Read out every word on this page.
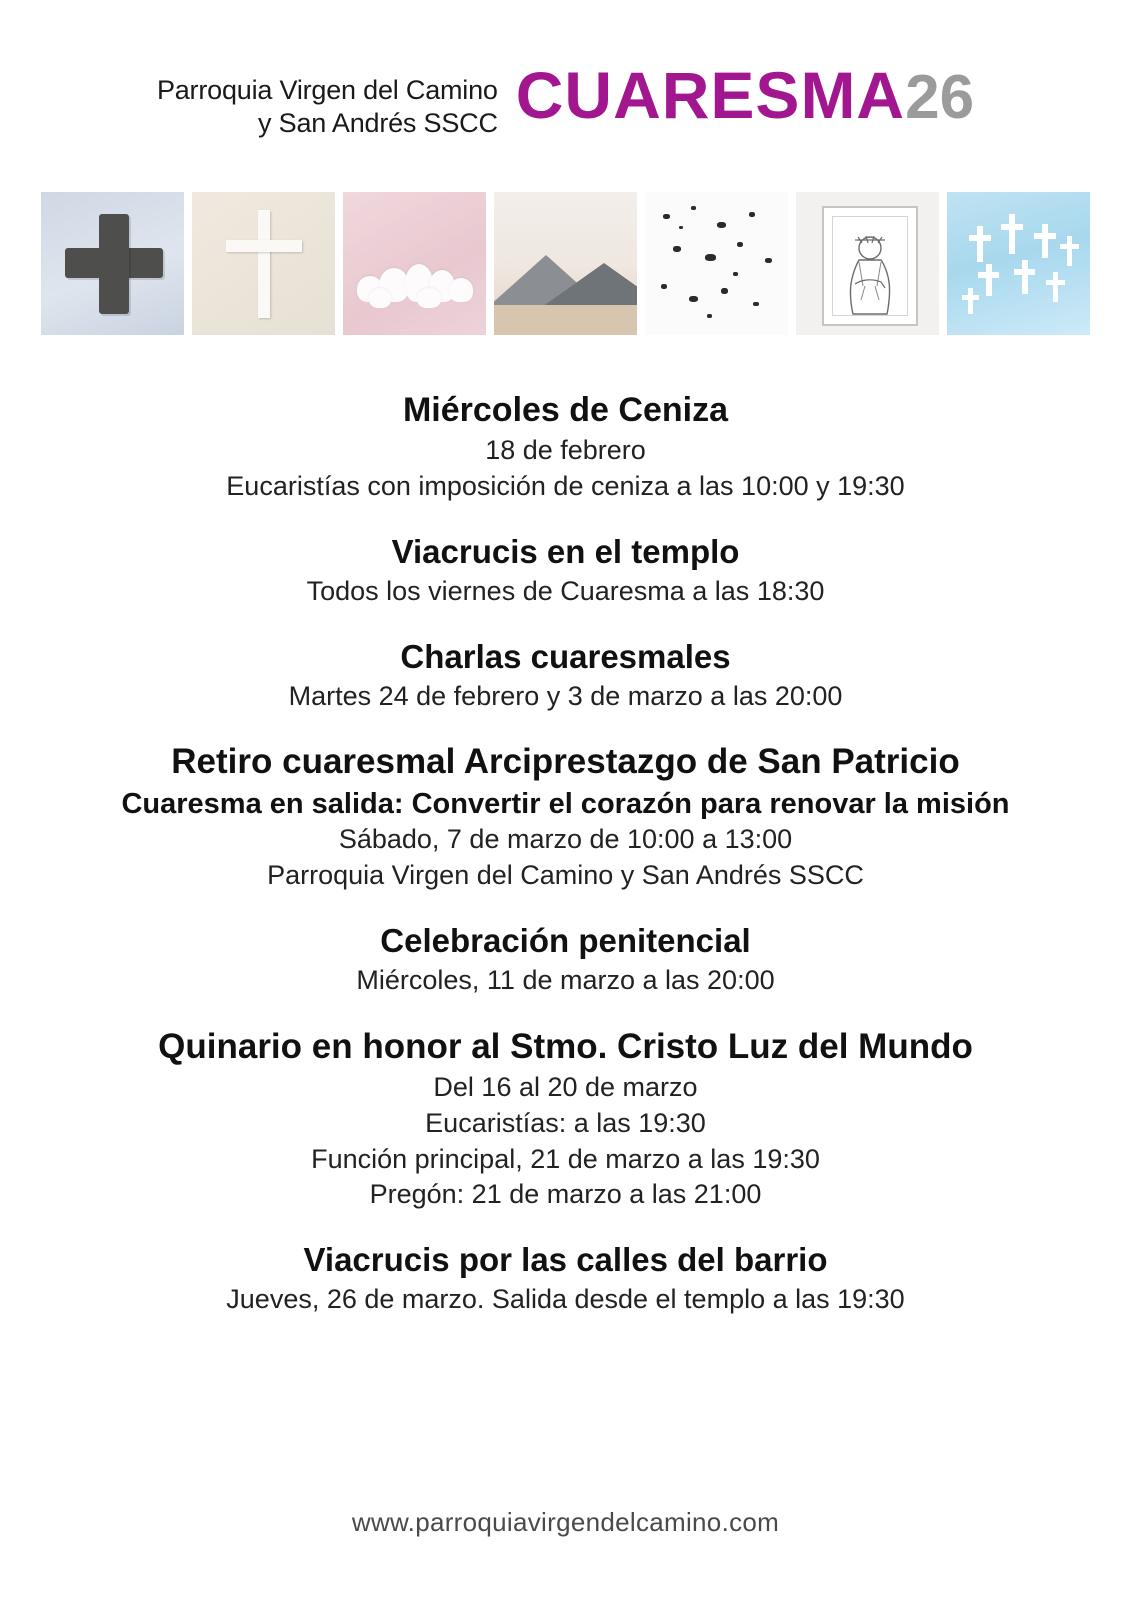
Parroquia Virgen del Camino
y San Andrés SSCC CUARESMA 26
Miércoles de Ceniza
18 de febrero
Eucaristías con imposición de ceniza a las 10:00 y 19:30
Viacrucis en el templo
Todos los viernes de Cuaresma a las 18:30
Charlas cuaresmales
Martes 24 de febrero y 3 de marzo a las 20:00
Retiro cuaresmal Arciprestazgo de San Patricio
Cuaresma en salida: Convertir el corazón para renovar la misión
Sábado, 7 de marzo de 10:00 a 13:00
Parroquia Virgen del Camino y San Andrés SSCC
Celebración penitencial
Miércoles, 11 de marzo a las 20:00
Quinario en honor al Stmo. Cristo Luz del Mundo
Del 16 al 20 de marzo
Eucaristías: a las 19:30
Función principal, 21 de marzo a las 19:30
Pregón: 21 de marzo a las 21:00
Viacrucis por las calles del barrio
Jueves, 26 de marzo. Salida desde el templo a las 19:30
www.parroquiavirgendelcamino.com
